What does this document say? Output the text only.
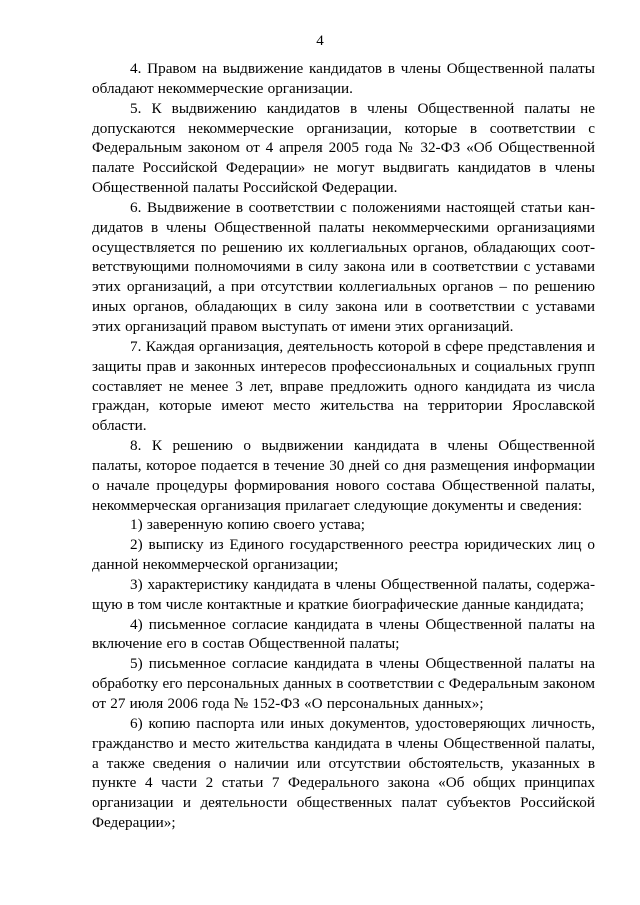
4

4. Правом на выдвижение кандидатов в члены Общественной палаты обладают некоммерческие организации.

5. К выдвижению кандидатов в члены Общественной палаты не допускаются некоммерческие организации, которые в соответствии с Федеральным законом от 4 апреля 2005 года № 32-ФЗ «Об Общественной палате Российской Федерации» не могут выдвигать кандидатов в члены Общественной палаты Российской Федерации.

6. Выдвижение в соответствии с положениями настоящей статьи кандидатов в члены Общественной палаты некоммерческими организациями осуществляется по решению их коллегиальных органов, обладающих соответствующими полномочиями в силу закона или в соответствии с уставами этих организаций, а при отсутствии коллегиальных органов – по решению иных органов, обладающих в силу закона или в соответствии с уставами этих организаций правом выступать от имени этих организаций.

7. Каждая организация, деятельность которой в сфере представления и защиты прав и законных интересов профессиональных и социальных групп составляет не менее 3 лет, вправе предложить одного кандидата из числа граждан, которые имеют место жительства на территории Ярославской области.

8. К решению о выдвижении кандидата в члены Общественной палаты, которое подается в течение 30 дней со дня размещения информации о начале процедуры формирования нового состава Общественной палаты, некоммерческая организация прилагает следующие документы и сведения:

1) заверенную копию своего устава;

2) выписку из Единого государственного реестра юридических лиц о данной некоммерческой организации;

3) характеристику кандидата в члены Общественной палаты, содержащую в том числе контактные и краткие биографические данные кандидата;

4) письменное согласие кандидата в члены Общественной палаты на включение его в состав Общественной палаты;

5) письменное согласие кандидата в члены Общественной палаты на обработку его персональных данных в соответствии с Федеральным законом от 27 июля 2006 года № 152-ФЗ «О персональных данных»;

6) копию паспорта или иных документов, удостоверяющих личность, гражданство и место жительства кандидата в члены Общественной палаты, а также сведения о наличии или отсутствии обстоятельств, указанных в пункте 4 части 2 статьи 7 Федерального закона «Об общих принципах организации и деятельности общественных палат субъектов Российской Федерации»;
